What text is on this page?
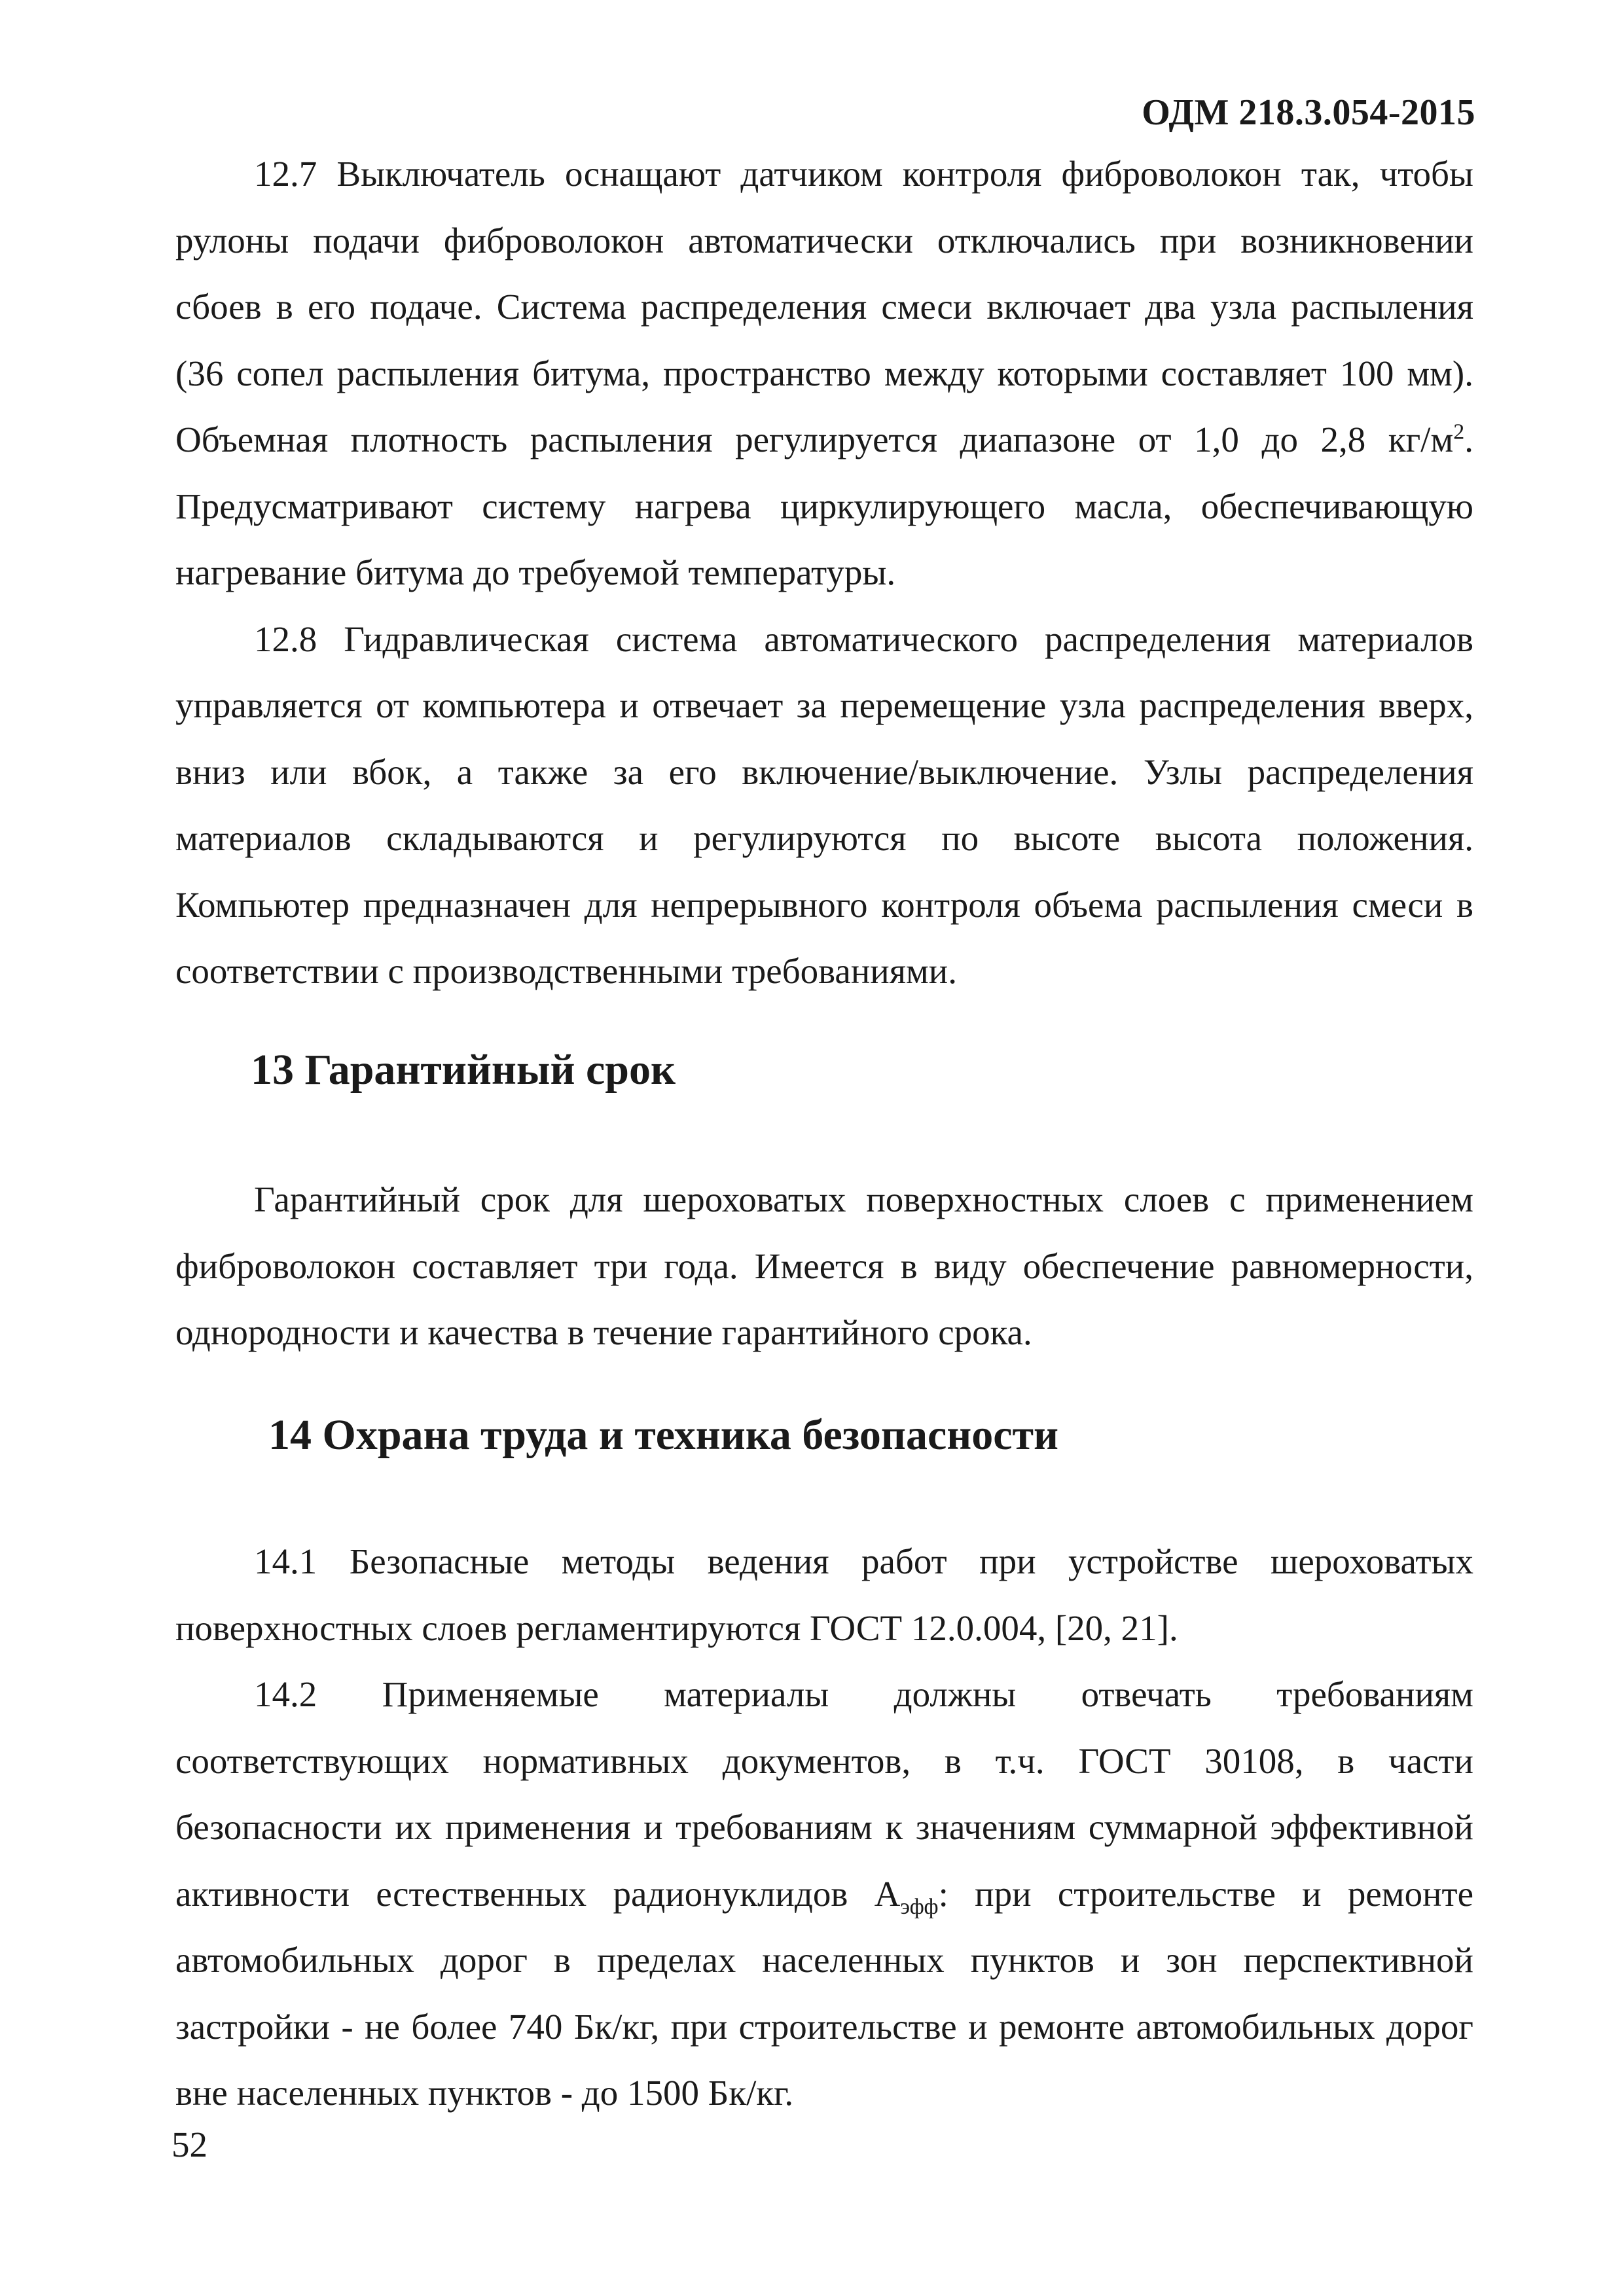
ОДМ 218.3.054-2015

12.7 Выключатель оснащают датчиком контроля фиброволокон так, чтобы рулоны подачи фиброволокон автоматически отключались при возникновении сбоев в его подаче. Система распределения смеси включает два узла распыления (36 сопел распыления битума, пространство между которыми составляет 100 мм). Объемная плотность распыления регулируется диапазоне от 1,0 до 2,8 $кг/м^2$. Предусматривают систему нагрева циркулирующего масла, обеспечивающую нагревание битума до требуемой температуры.

12.8 Гидравлическая система автоматического распределения материалов управляется от компьютера и отвечает за перемещение узла распределения вверх, вниз или вбок, а также за его включение/выключение. Узлы распределения материалов складываются и регулируются по высоте высота положения. Компьютер предназначен для непрерывного контроля объема распыления смеси в соответствии с производственными требованиями.

13 Гарантийный срок

Гарантийный срок для шероховатых поверхностных слоев с применением фиброволокон составляет три года. Имеется в виду обеспечение равномерности, однородности и качества в течение гарантийного срока.

14 Охрана труда и техника безопасности

14.1 Безопасные методы ведения работ при устройстве шероховатых поверхностных слоев регламентируются ГОСТ 12.0.004, [20, 21].

14.2 Применяемые материалы должны отвечать требованиям соответствующих нормативных документов, в т.ч. ГОСТ 30108, в части безопасности их применения и требованиям к значениям суммарной эффективной активности естественных радионуклидов $А_{эфф}$: при строительстве и ремонте автомобильных дорог в пределах населенных пунктов и зон перспективной застройки - не более 740 Бк/кг, при строительстве и ремонте автомобильных дорог вне населенных пунктов - до 1500 Бк/кг.

52
